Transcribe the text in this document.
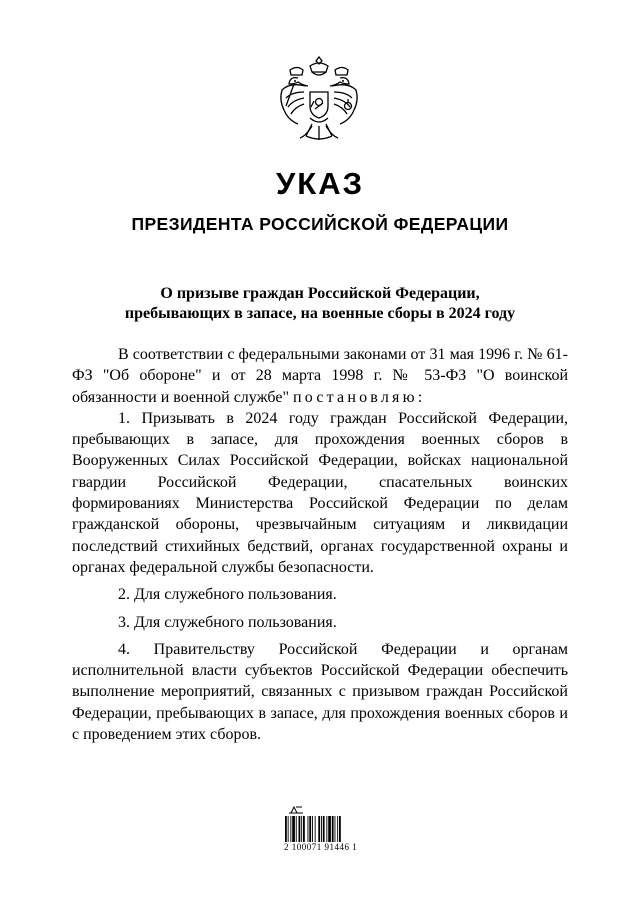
УКАЗ
ПРЕЗИДЕНТА РОССИЙСКОЙ ФЕДЕРАЦИИ
О призыве граждан Российской Федерации,
пребывающих в запасе, на военные сборы в 2024 году

В соответствии с федеральными законами от 31 мая 1996 г. № 61-ФЗ "Об обороне" и от 28 марта 1998 г. № 53-ФЗ "О воинской обязанности и военной службе" постановляю:

1. Призывать в 2024 году граждан Российской Федерации, пребывающих в запасе, для прохождения военных сборов в Вооруженных Силах Российской Федерации, войсках национальной гвардии Российской Федерации, спасательных воинских формированиях Министерства Российской Федерации по делам гражданской обороны, чрезвычайным ситуациям и ликвидации последствий стихийных бедствий, органах государственной охраны и органах федеральной службы безопасности.

2. Для служебного пользования.

3. Для служебного пользования.

4. Правительству Российской Федерации и органам исполнительной власти субъектов Российской Федерации обеспечить выполнение мероприятий, связанных с призывом граждан Российской Федерации, пребывающих в запасе, для прохождения военных сборов и с проведением этих сборов.

2 100071 91446 1
